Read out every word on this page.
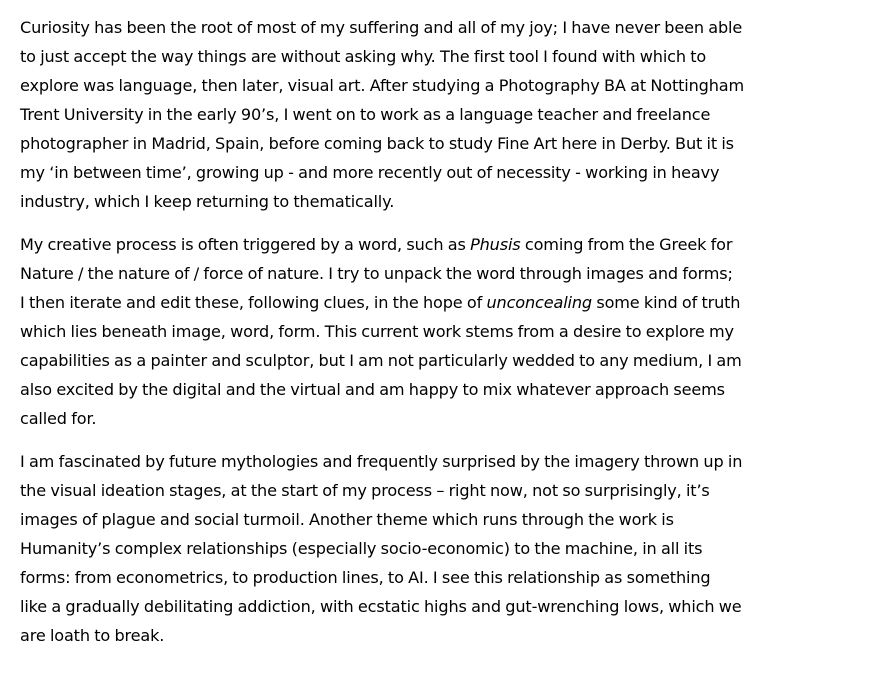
Curiosity has been the root of most of my suffering and all of my joy; I have never been able
to just accept the way things are without asking why. The first tool I found with which to
explore was language, then later, visual art. After studying a Photography BA at Nottingham
Trent University in the early 90’s, I went on to work as a language teacher and freelance
photographer in Madrid, Spain, before coming back to study Fine Art here in Derby. But it is
my ‘in between time’, growing up - and more recently out of necessity - working in heavy
industry, which I keep returning to thematically.

My creative process is often triggered by a word, such as Phusis coming from the Greek for
Nature / the nature of / force of nature. I try to unpack the word through images and forms;
I then iterate and edit these, following clues, in the hope of unconcealing some kind of truth
which lies beneath image, word, form. This current work stems from a desire to explore my
capabilities as a painter and sculptor, but I am not particularly wedded to any medium, I am
also excited by the digital and the virtual and am happy to mix whatever approach seems
called for.

I am fascinated by future mythologies and frequently surprised by the imagery thrown up in
the visual ideation stages, at the start of my process – right now, not so surprisingly, it’s
images of plague and social turmoil. Another theme which runs through the work is
Humanity’s complex relationships (especially socio-economic) to the machine, in all its
forms: from econometrics, to production lines, to AI. I see this relationship as something
like a gradually debilitating addiction, with ecstatic highs and gut-wrenching lows, which we
are loath to break.
